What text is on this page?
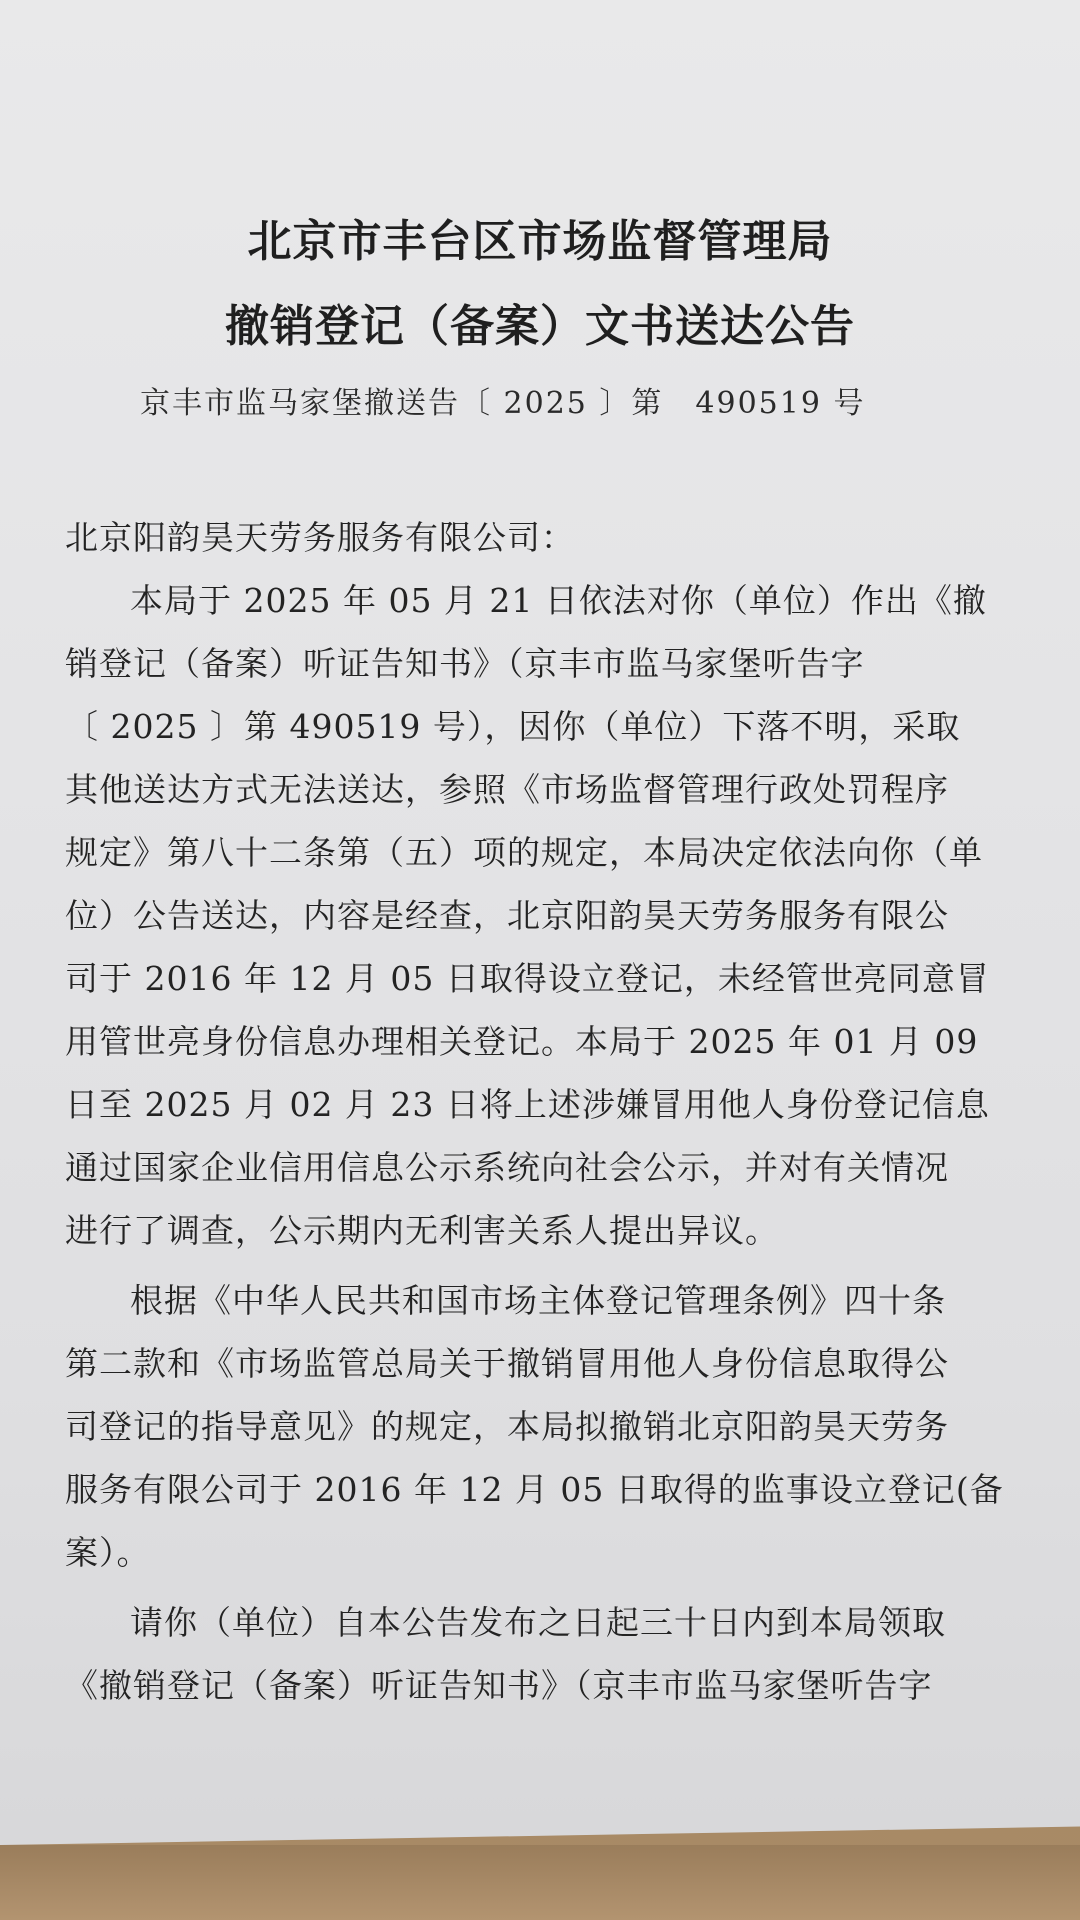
北京市丰台区市场监督管理局
撤销登记（备案）文书送达公告
京丰市监马家堡撤送告〔 2025 〕第　490519 号
北京阳韵昊天劳务服务有限公司：
本局于 2025 年 05 月 21 日依法对你（单位）作出《撤
销登记（备案）听证告知书》（京丰市监马家堡听告字
〔 2025 〕第 490519 号），因你（单位）下落不明，采取
其他送达方式无法送达，参照《市场监督管理行政处罚程序
规定》第八十二条第（五）项的规定，本局决定依法向你（单
位）公告送达，内容是经查，北京阳韵昊天劳务服务有限公
司于 2016 年 12 月 05 日取得设立登记，未经管世亮同意冒
用管世亮身份信息办理相关登记。本局于 2025 年 01 月 09
日至 2025 月 02 月 23 日将上述涉嫌冒用他人身份登记信息
通过国家企业信用信息公示系统向社会公示，并对有关情况
进行了调查，公示期内无利害关系人提出异议。
根据《中华人民共和国市场主体登记管理条例》四十条
第二款和《市场监管总局关于撤销冒用他人身份信息取得公
司登记的指导意见》的规定，本局拟撤销北京阳韵昊天劳务
服务有限公司于 2016 年 12 月 05 日取得的监事设立登记(备
案）。
请你（单位）自本公告发布之日起三十日内到本局领取
《撤销登记（备案）听证告知书》（京丰市监马家堡听告字
